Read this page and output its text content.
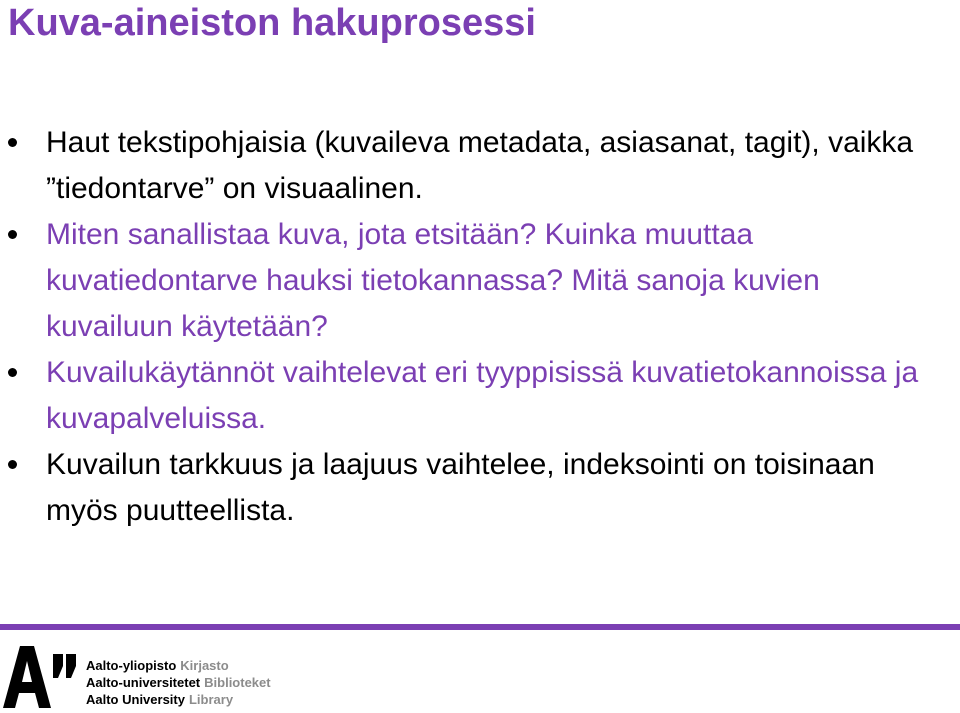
Kuva-aineiston hakuprosessi
Haut tekstipohjaisia (kuvaileva metadata, asiasanat, tagit), vaikka ”tiedontarve” on visuaalinen.
Miten sanallistaa kuva, jota etsitään? Kuinka muuttaa kuvatiedontarve hauksi tietokannassa? Mitä sanoja kuvien kuvailuun käytetään?
Kuvailukäytännöt vaihtelevat eri tyyppisissä kuvatietokannoissa ja kuvapalveluissa.
Kuvailun tarkkuus ja laajuus vaihtelee, indeksointi on toisinaan myös puutteellista.
Aalto-yliopisto Kirjasto
Aalto-universitetet Biblioteket
Aalto University Library
